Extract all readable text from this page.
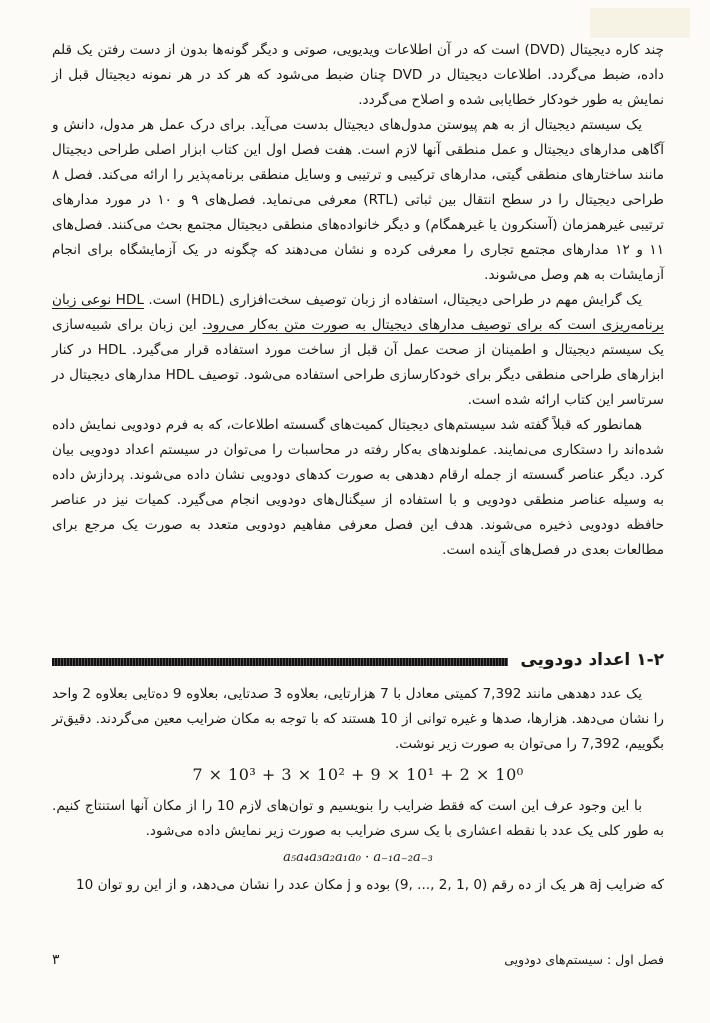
چند کاره دیجیتال (DVD) است که در آن اطلاعات ویدیویی، صوتی و دیگر گونه‌ها بدون از دست رفتن یک قلم داده، ضبط می‌گردد. اطلاعات دیجیتال در DVD چنان ضبط می‌شود که هر کد در هر نمونه دیجیتال قبل از نمایش به طور خودکار خطایابی شده و اصلاح می‌گردد.

یک سیستم دیجیتال از به هم پیوستن مدول‌های دیجیتال بدست می‌آید. برای درک عمل هر مدول، دانش و آگاهی مدارهای دیجیتال و عمل منطقی آنها لازم است. هفت فصل اول این کتاب ابزار اصلی طراحی دیجیتال مانند ساختارهای منطقی گیتی، مدارهای ترکیبی و ترتیبی و وسایل منطقی برنامه‌پذیر را ارائه می‌کند. فصل ۸ طراحی دیجیتال را در سطح انتقال بین ثباتی (RTL) معرفی می‌نماید. فصل‌های ۹ و ۱۰ در مورد مدارهای ترتیبی غیرهمزمان (آسنکرون یا غیرهمگام) و دیگر خانواده‌های منطقی دیجیتال مجتمع بحث می‌کنند. فصل‌های ۱۱ و ۱۲ مدارهای مجتمع تجاری را معرفی کرده و نشان می‌دهند که چگونه در یک آزمایشگاه برای انجام آزمایشات به هم وصل می‌شوند.

یک گرایش مهم در طراحی دیجیتال، استفاده از زبان توصیف سخت‌افزاری (HDL) است. HDL نوعی زبان برنامه‌ریزی است که برای توصیف مدارهای دیجیتال به صورت متن به‌کار می‌رود. این زبان برای شبیه‌سازی یک سیستم دیجیتال و اطمینان از صحت عمل آن قبل از ساخت مورد استفاده قرار می‌گیرد. HDL در کنار ابزارهای طراحی منطقی دیگر برای خودکارسازی طراحی استفاده می‌شود. توصیف HDL مدارهای دیجیتال در سرتاسر این کتاب ارائه شده است.

همانطور که قبلاً گفته شد سیستم‌های دیجیتال کمیت‌های گسسته اطلاعات، که به فرم دودویی نمایش داده شده‌اند را دستکاری می‌نمایند. عملوندهای به‌کار رفته در محاسبات را می‌توان در سیستم اعداد دودویی بیان کرد. دیگر عناصر گسسته از جمله ارقام دهدهی به صورت کدهای دودویی نشان داده می‌شوند. پردازش داده به وسیله عناصر منطقی دودویی و با استفاده از سیگنال‌های دودویی انجام می‌گیرد. کمیات نیز در عناصر حافظه دودویی ذخیره می‌شوند. هدف این فصل معرفی مفاهیم دودویی متعدد به صورت یک مرجع برای مطالعات بعدی در فصل‌های آینده است.

۱-۲ اعداد دودویی

یک عدد دهدهی مانند 7,392 کمیتی معادل با 7 هزارتایی، بعلاوه 3 صدتایی، بعلاوه 9 ده‌تایی بعلاوه 2 واحد را نشان می‌دهد. هزارها، صدها و غیره توانی از 10 هستند که با توجه به مکان ضرایب معین می‌گردند. دقیق‌تر بگوییم، 7,392 را می‌توان به صورت زیر نوشت.

7 × 10³ + 3 × 10² + 9 × 10¹ + 2 × 10⁰

با این وجود عرف این است که فقط ضرایب را بنویسیم و توان‌های لازم 10 را از مکان آنها استنتاج کنیم. به طور کلی یک عدد با نقطه اعشاری با یک سری ضرایب به صورت زیر نمایش داده می‌شود.

a₅a₄a₃a₂a₁a₀ · a₋₁a₋₂a₋₃

که ضرایب aj هر یک از ده رقم (0 ,1 ,2 ,... ,9) بوده و j مکان عدد را نشان می‌دهد، و از این رو توان 10

فصل اول : سیستم‌های دودویی
۳
